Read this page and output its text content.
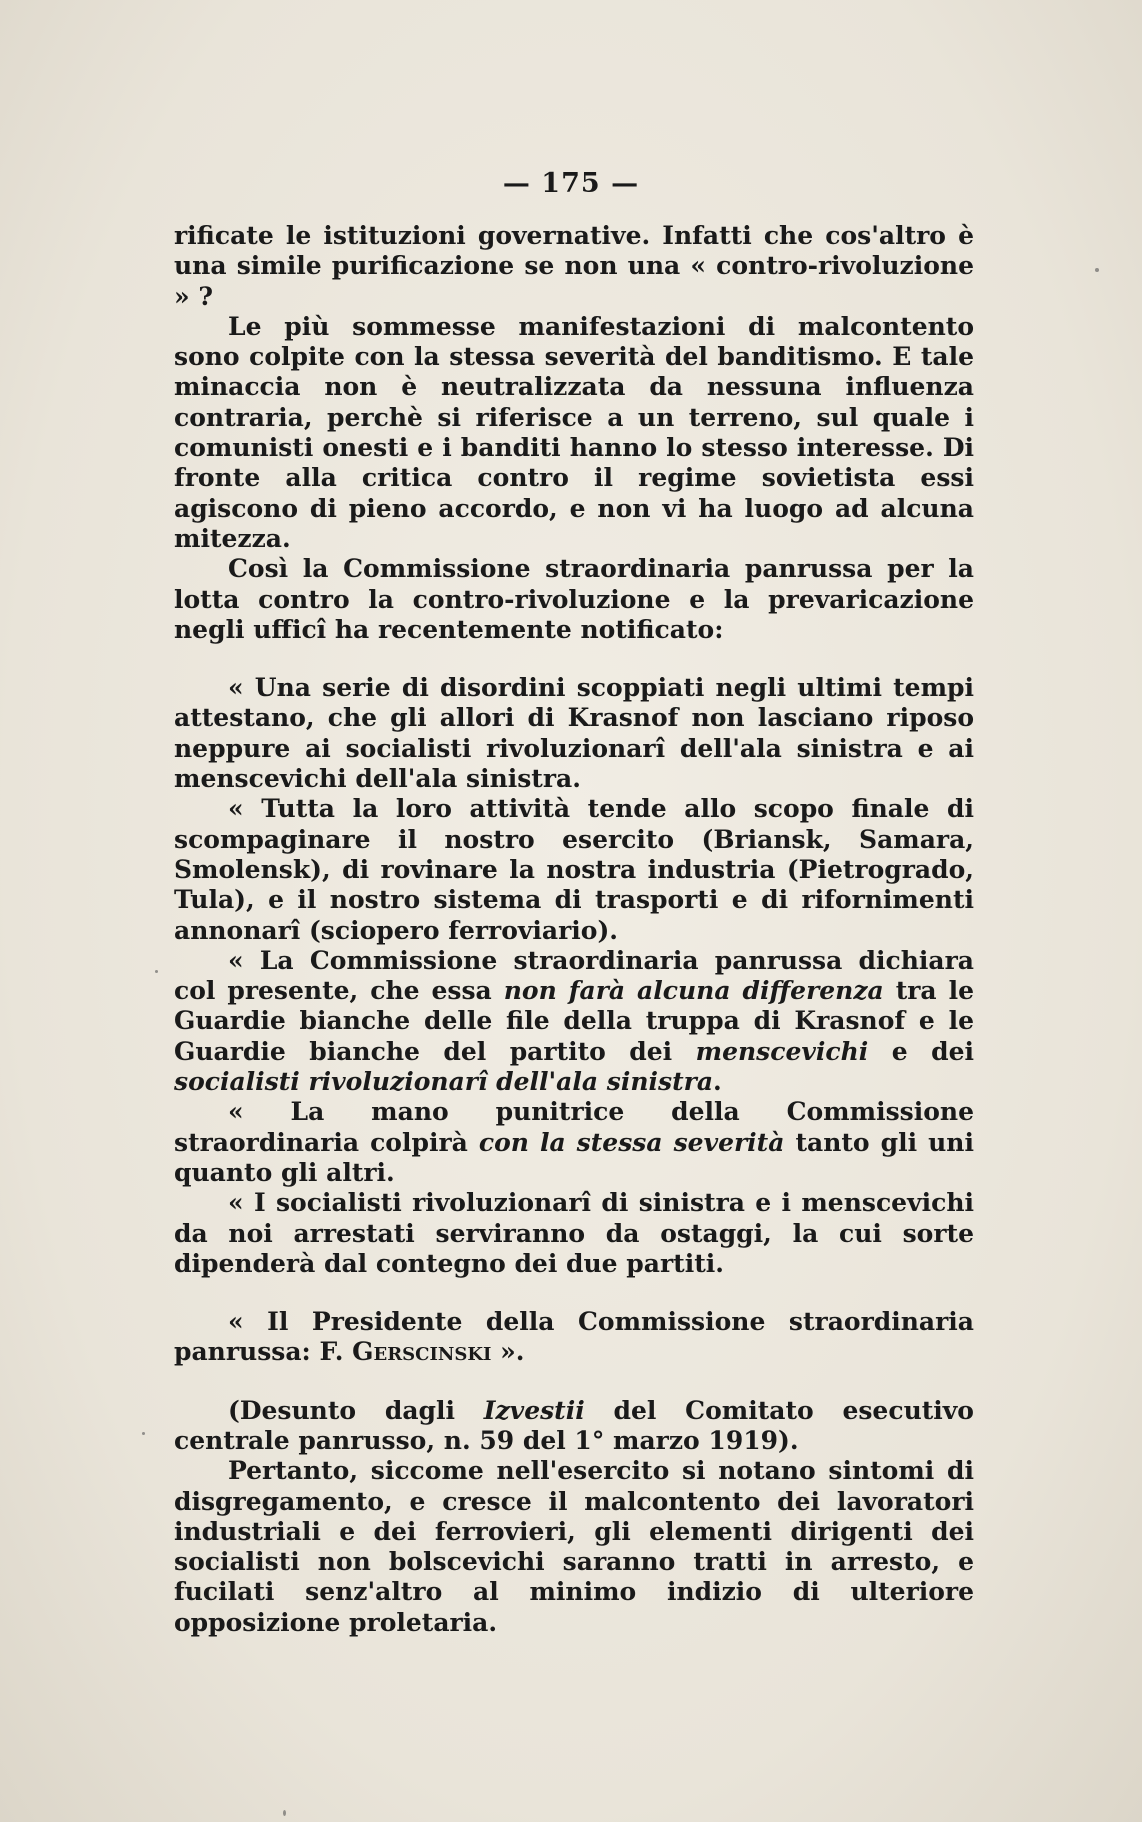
— 175 —

rificate le istituzioni governative. Infatti che cos'altro è una simile purificazione se non una « contro-rivoluzione » ?

Le più sommesse manifestazioni di malcontento sono colpite con la stessa severità del banditismo. E tale minaccia non è neutralizzata da nessuna influenza contraria, perchè si riferisce a un terreno, sul quale i comunisti onesti e i banditi hanno lo stesso interesse. Di fronte alla critica contro il regime sovietista essi agiscono di pieno accordo, e non vi ha luogo ad alcuna mitezza.

Così la Commissione straordinaria panrussa per la lotta contro la contro-rivoluzione e la prevaricazione negli ufficî ha recentemente notificato:

« Una serie di disordini scoppiati negli ultimi tempi attestano, che gli allori di Krasnof non lasciano riposo neppure ai socialisti rivoluzionarî dell'ala sinistra e ai menscevichi dell'ala sinistra.

« Tutta la loro attività tende allo scopo finale di scompaginare il nostro esercito (Briansk, Samara, Smolensk), di rovinare la nostra industria (Pietrogrado, Tula), e il nostro sistema di trasporti e di rifornimenti annonarî (sciopero ferroviario).

« La Commissione straordinaria panrussa dichiara col presente, che essa non farà alcuna differenza tra le Guardie bianche delle file della truppa di Krasnof e le Guardie bianche del partito dei menscevichi e dei socialisti rivoluzionarî dell'ala sinistra.

« La mano punitrice della Commissione straordinaria colpirà con la stessa severità tanto gli uni quanto gli altri.

« I socialisti rivoluzionarî di sinistra e i menscevichi da noi arrestati serviranno da ostaggi, la cui sorte dipenderà dal contegno dei due partiti.

« Il Presidente della Commissione straordinaria panrussa: F. Gerscinski ».

(Desunto dagli Izvestii del Comitato esecutivo centrale panrusso, n. 59 del 1° marzo 1919).

Pertanto, siccome nell'esercito si notano sintomi di disgregamento, e cresce il malcontento dei lavoratori industriali e dei ferrovieri, gli elementi dirigenti dei socialisti non bolscevichi saranno tratti in arresto, e fucilati senz'altro al minimo indizio di ulteriore opposizione proletaria.
